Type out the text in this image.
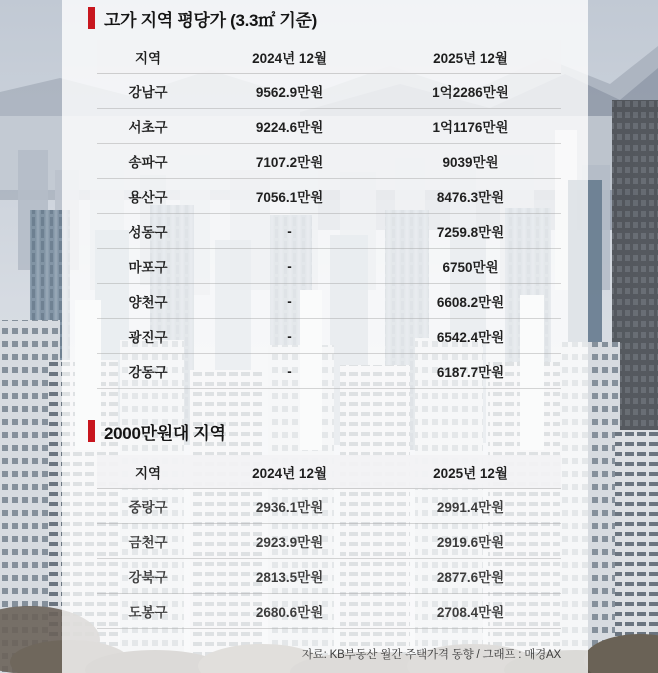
고가 지역 평당가 (3.3㎡ 기준)
지역	2024년 12월	2025년 12월
강남구	9562.9만원	1억2286만원
서초구	9224.6만원	1억1176만원
송파구	7107.2만원	9039만원
용산구	7056.1만원	8476.3만원
성동구	-	7259.8만원
마포구	-	6750만원
양천구	-	6608.2만원
광진구	-	6542.4만원
강동구	-	6187.7만원
2000만원대 지역
지역	2024년 12월	2025년 12월
중랑구	2936.1만원	2991.4만원
금천구	2923.9만원	2919.6만원
강북구	2813.5만원	2877.6만원
도봉구	2680.6만원	2708.4만원
자료: KB부동산 월간 주택가격 동향 / 그래프 : 매경AX
